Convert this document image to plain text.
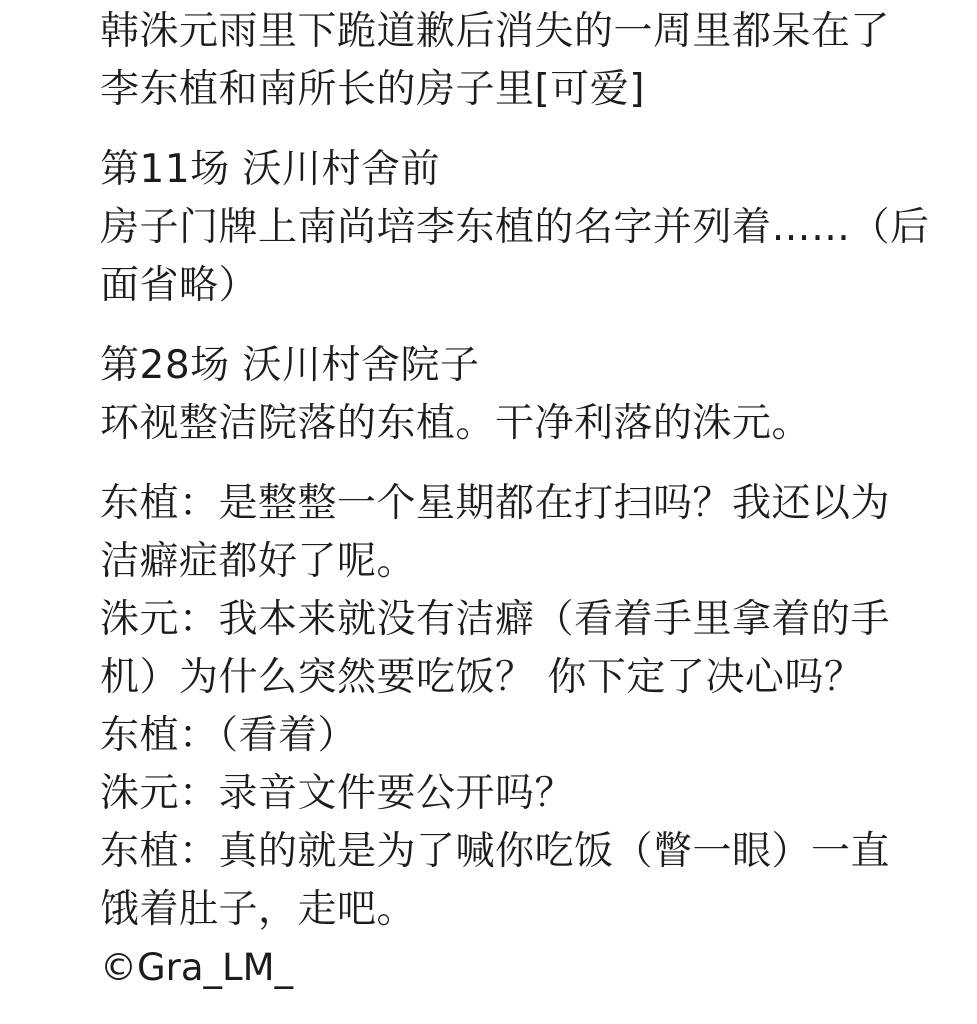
韩洙元雨里下跪道歉后消失的一周里都呆在了
李东植和南所长的房子里[可爱]
第11场 沃川村舍前
房子门牌上南尚培李东植的名字并列着……（后
面省略）
第28场 沃川村舍院子
环视整洁院落的东植。干净利落的洙元。
东植：是整整一个星期都在打扫吗？我还以为
洁癖症都好了呢。
洙元：我本来就没有洁癖（看着手里拿着的手
机）为什么突然要吃饭？ 你下定了决心吗？
东植：（看着）
洙元：录音文件要公开吗？
东植：真的就是为了喊你吃饭（瞥一眼）一直
饿着肚子，走吧。
©Gra_LM_
